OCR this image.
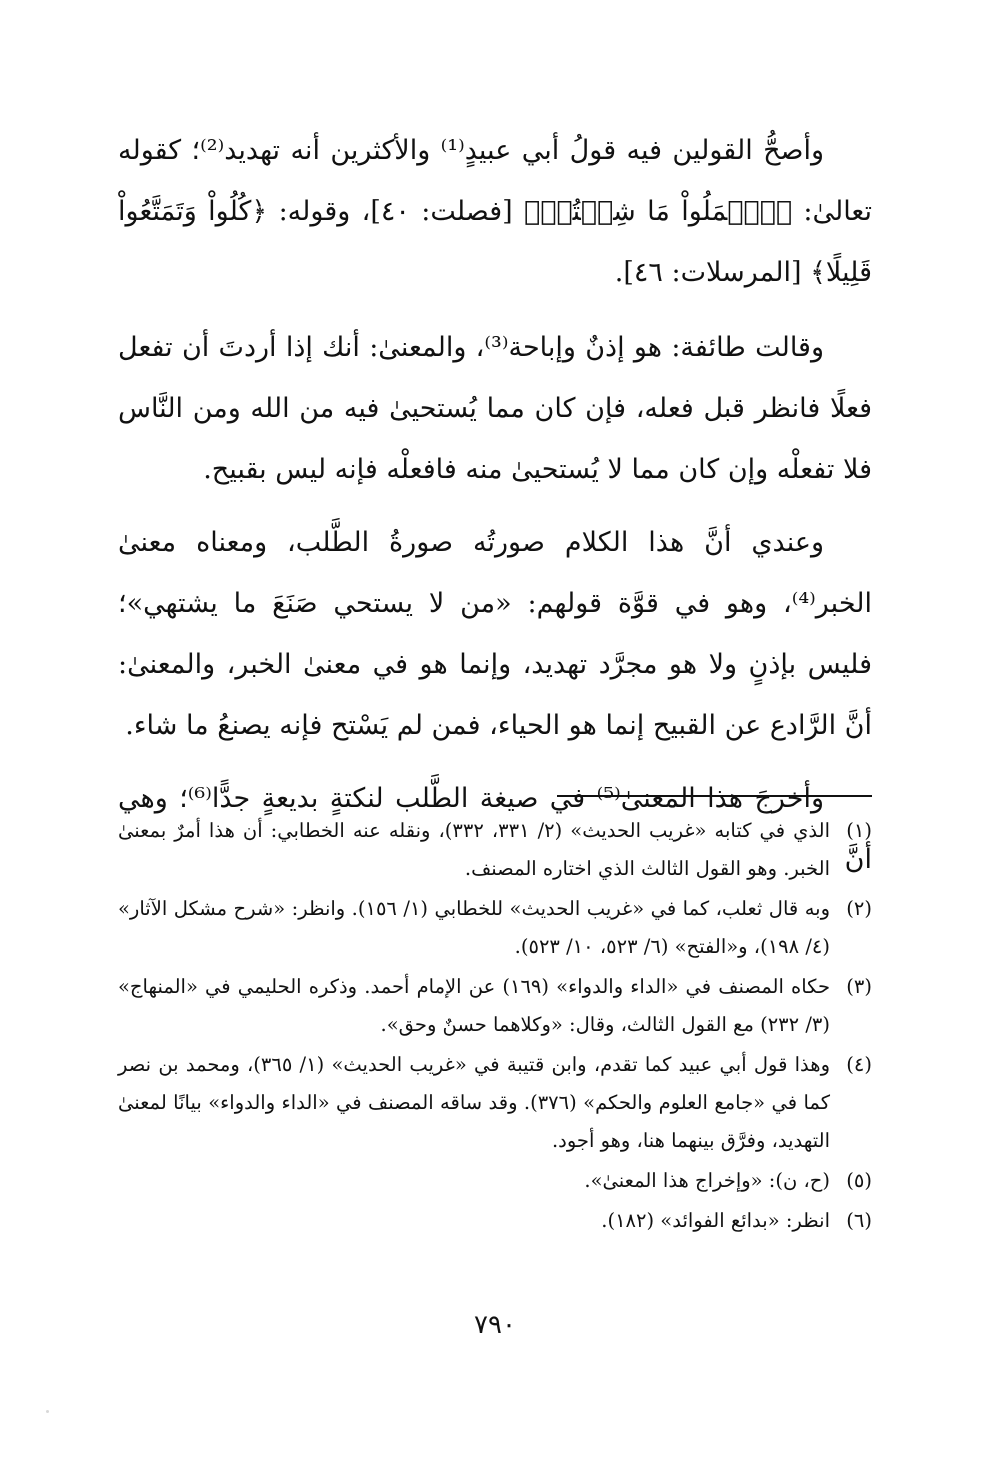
وأصحُّ القولين فيه قولُ أبي عبيدٍ⁽¹⁾ والأكثرين أنه تهديد⁽²⁾؛ كقوله تعالىٰ: ﴿ٱعۡمَلُواْ مَا شِئۡتُمۡ﴾ [فصلت: ٤٠]، وقوله: ﴿كُلُواْ وَتَمَتَّعُواْ قَلِيلًا﴾ [المرسلات: ٤٦].

وقالت طائفة: هو إذنٌ وإباحة⁽³⁾، والمعنىٰ: أنك إذا أردتَ أن تفعل فعلًا فانظر قبل فعله، فإن كان مما يُستحيىٰ فيه من الله ومن النَّاس فلا تفعلْه وإن كان مما لا يُستحيىٰ منه فافعلْه فإنه ليس بقبيح.

وعندي أنَّ هذا الكلام صورتُه صورةُ الطَّلب، ومعناه معنىٰ الخبر⁽⁴⁾، وهو في قوَّة قولهم: «من لا يستحي صَنَعَ ما يشتهي»؛ فليس بإذنٍ ولا هو مجرَّد تهديد، وإنما هو في معنىٰ الخبر، والمعنىٰ: أنَّ الرَّادع عن القبيح إنما هو الحياء، فمن لم يَسْتح فإنه يصنعُ ما شاء.

وأخرجَ هذا المعنىٰ⁽⁵⁾ في صيغة الطَّلب لنكتةٍ بديعةٍ جدًّا⁽⁶⁾؛ وهي أنَّ

(١)
الذي في كتابه «غريب الحديث» (٢/ ٣٣١، ٣٣٢)، ونقله عنه الخطابي: أن هذا أمرٌ بمعنىٰ الخبر. وهو القول الثالث الذي اختاره المصنف.
(٢)
وبه قال ثعلب، كما في «غريب الحديث» للخطابي (١/ ١٥٦). وانظر: «شرح مشكل الآثار» (٤/ ١٩٨)، و«الفتح» (٦/ ٥٢٣، ١٠/ ٥٢٣).
(٣)
حكاه المصنف في «الداء والدواء» (١٦٩) عن الإمام أحمد. وذكره الحليمي في «المنهاج» (٣/ ٢٣٢) مع القول الثالث، وقال: «وكلاهما حسنٌ وحق».
(٤)
وهذا قول أبي عبيد كما تقدم، وابن قتيبة في «غريب الحديث» (١/ ٣٦٥)، ومحمد بن نصر كما في «جامع العلوم والحكم» (٣٧٦). وقد ساقه المصنف في «الداء والدواء» بيانًا لمعنىٰ التهديد، وفرَّق بينهما هنا، وهو أجود.
(٥)
(ح، ن): «وإخراج هذا المعنىٰ».
(٦)
انظر: «بدائع الفوائد» (١٨٢).
٧٩٠
